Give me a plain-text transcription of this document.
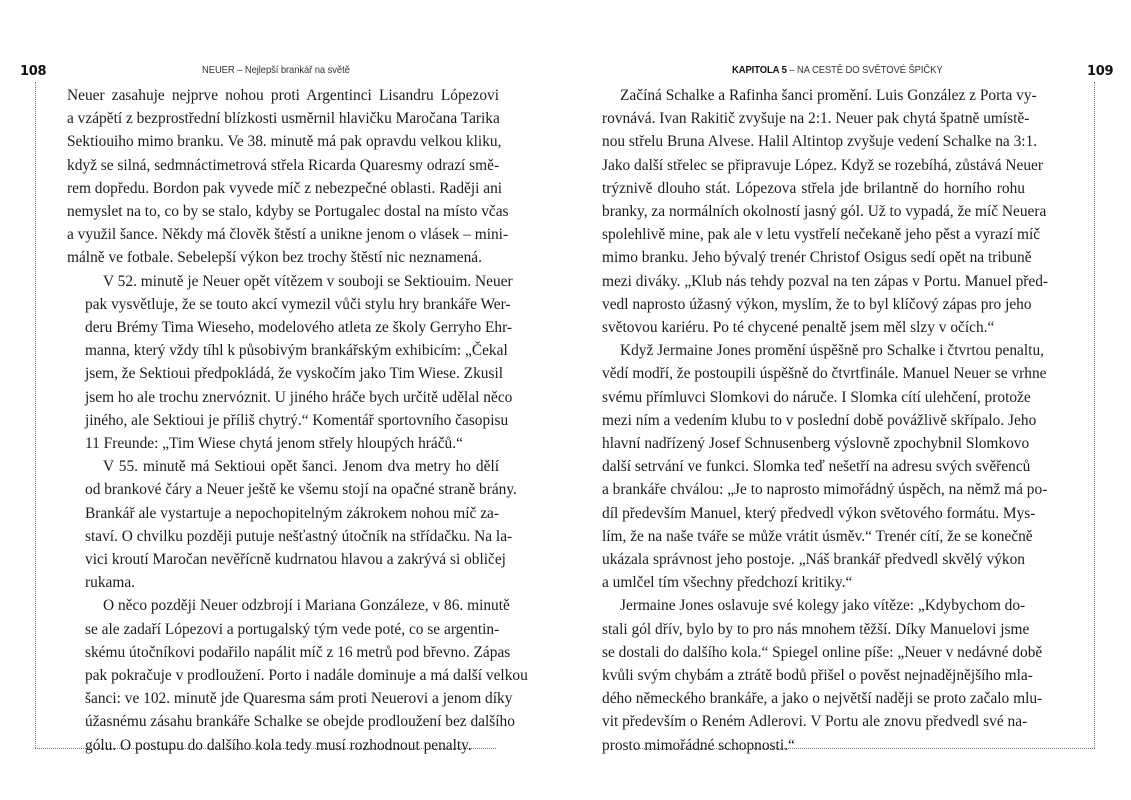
108	NEUER – Nejlepší brankář na světě

Neuer zasahuje nejprve nohou proti Argentinci Lisandru Lópezovi
a vzápětí z bezprostřední blízkosti usměrnil hlavičku Maročana Tarika
Sektiouiho mimo branku. Ve 38. minutě má pak opravdu velkou kliku,
když se silná, sedmnáctimetrová střela Ricarda Quaresmy odrazí smě-
rem dopředu. Bordon pak vyvede míč z nebezpečné oblasti. Raději ani
nemyslet na to, co by se stalo, kdyby se Portugalec dostal na místo včas
a využil šance. Někdy má člověk štěstí a unikne jenom o vlásek – mini-
málně ve fotbale. Sebelepší výkon bez trochy štěstí nic neznamená.

V 52. minutě je Neuer opět vítězem v souboji se Sektiouim. Neuer
pak vysvětluje, že se touto akcí vymezil vůči stylu hry brankáře Wer-
deru Brémy Tima Wieseho, modelového atleta ze školy Gerryho Ehr-
manna, který vždy tíhl k působivým brankářským exhibicím: „Čekal
jsem, že Sektioui předpokládá, že vyskočím jako Tim Wiese. Zkusil
jsem ho ale trochu znervóznit. U jiného hráče bych určitě udělal něco
jiného, ale Sektioui je příliš chytrý.“ Komentář sportovního časopisu
11 Freunde: „Tim Wiese chytá jenom střely hloupých hráčů.“

V 55. minutě má Sektioui opět šanci. Jenom dva metry ho dělí
od brankové čáry a Neuer ještě ke všemu stojí na opačné straně brány.
Brankář ale vystartuje a nepochopitelným zákrokem nohou míč za-
staví. O chvilku později putuje nešťastný útočník na střídačku. Na la-
vici kroutí Maročan nevěřícně kudrnatou hlavou a zakrývá si obličej
rukama.

O něco později Neuer odzbrojí i Mariana Gonzáleze, v 86. minutě
se ale zadaří Lópezovi a portugalský tým vede poté, co se argentin-
skému útočníkovi podařilo napálit míč z 16 metrů pod břevno. Zápas
pak pokračuje v prodloužení. Porto i nadále dominuje a má další velkou
šanci: ve 102. minutě jde Quaresma sám proti Neuerovi a jenom díky
úžasnému zásahu brankáře Schalke se obejde prodloužení bez dalšího
gólu. O postupu do dalšího kola tedy musí rozhodnout penalty.

109
KAPITOLA 5 – NA CESTĚ DO SVĚTOVÉ ŠPIČKY

Začíná Schalke a Rafinha šanci promění. Luis González z Porta vy-
rovnává. Ivan Rakitič zvyšuje na 2:1. Neuer pak chytá špatně umístě-
nou střelu Bruna Alvese. Halil Altintop zvyšuje vedení Schalke na 3:1.
Jako další střelec se připravuje López. Když se rozebíhá, zůstává Neuer
trýznivě dlouho stát. Lópezova střela jde brilantně do horního rohu
branky, za normálních okolností jasný gól. Už to vypadá, že míč Neuera
spolehlivě mine, pak ale v letu vystřelí nečekaně jeho pěst a vyrazí míč
mimo branku. Jeho bývalý trenér Christof Osigus sedí opět na tribuně
mezi diváky. „Klub nás tehdy pozval na ten zápas v Portu. Manuel před-
vedl naprosto úžasný výkon, myslím, že to byl klíčový zápas pro jeho
světovou kariéru. Po té chycené penaltě jsem měl slzy v očích.“

Když Jermaine Jones promění úspěšně pro Schalke i čtvrtou penaltu,
vědí modří, že postoupili úspěšně do čtvrtfinále. Manuel Neuer se vrhne
svému přímluvci Slomkovi do náruče. I Slomka cítí ulehčení, protože
mezi ním a vedením klubu to v poslední době povážlivě skřípalo. Jeho
hlavní nadřízený Josef Schnusenberg výslovně zpochybnil Slomkovo
další setrvání ve funkci. Slomka teď nešetří na adresu svých svěřenců
a brankáře chválou: „Je to naprosto mimořádný úspěch, na němž má po-
díl především Manuel, který předvedl výkon světového formátu. Mys-
lím, že na naše tváře se může vrátit úsměv.“ Trenér cítí, že se konečně
ukázala správnost jeho postoje. „Náš brankář předvedl skvělý výkon
a umlčel tím všechny předchozí kritiky.“

Jermaine Jones oslavuje své kolegy jako vítěze: „Kdybychom do-
stali gól dřív, bylo by to pro nás mnohem těžší. Díky Manuelovi jsme
se dostali do dalšího kola.“ Spiegel online píše: „Neuer v nedávné době
kvůli svým chybám a ztrátě bodů přišel o pověst nejnadějnějšího mla-
dého německého brankáře, a jako o největší naději se proto začalo mlu-
vit především o Reném Adlerovi. V Portu ale znovu předvedl své na-
prosto mimořádné schopnosti.“
